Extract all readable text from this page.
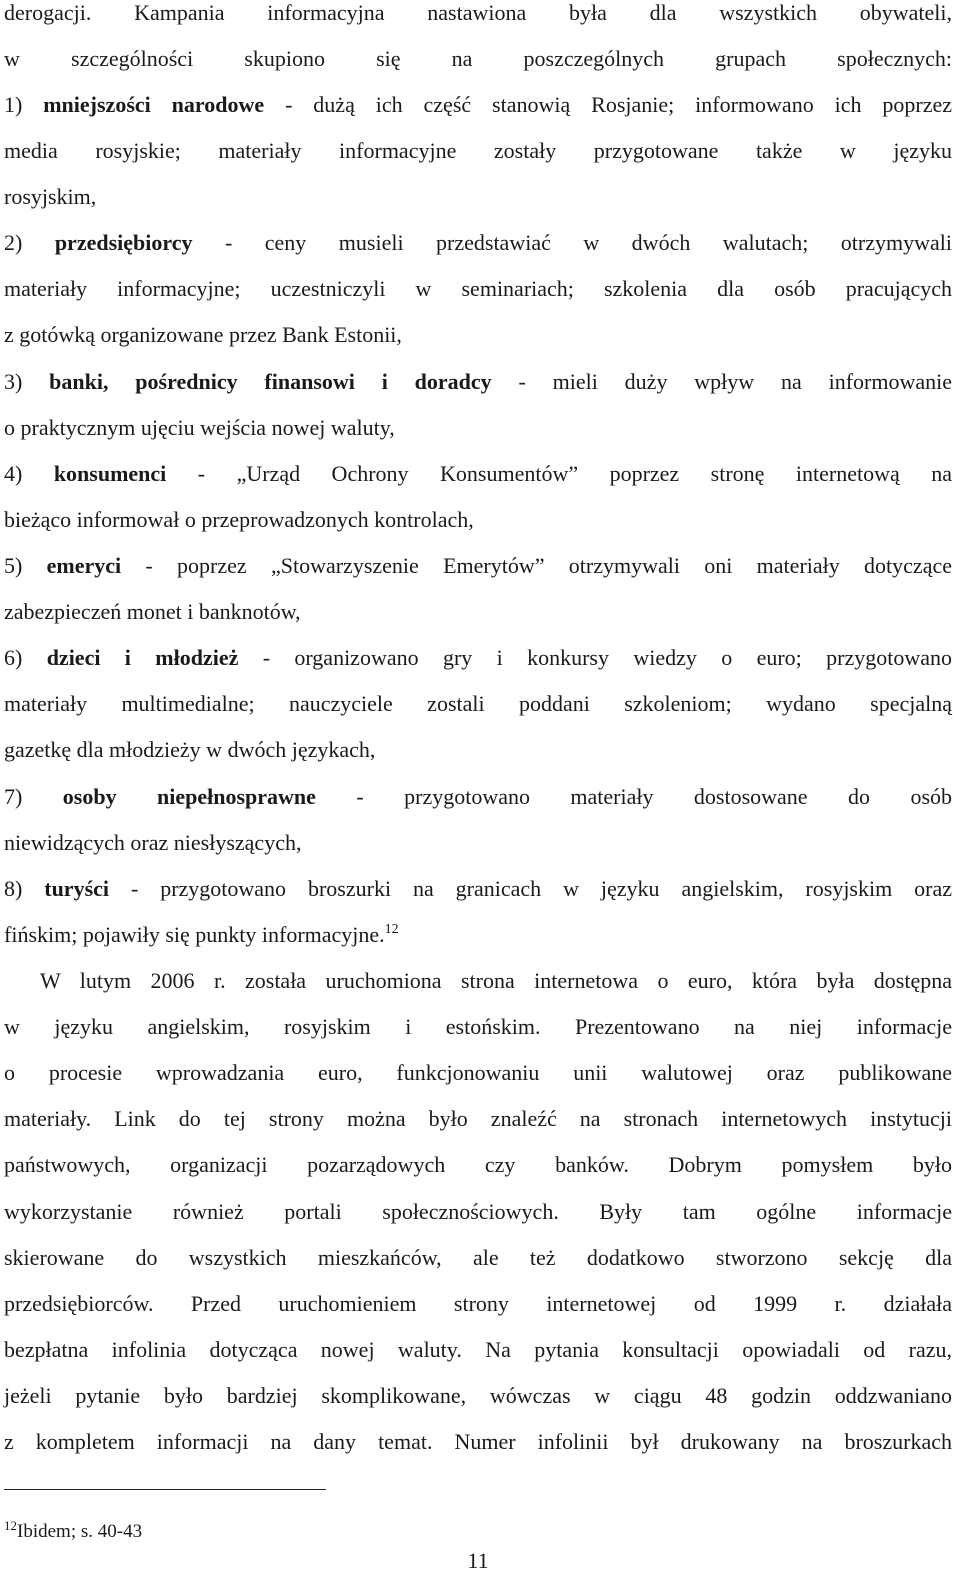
derogacji. Kampania informacyjna nastawiona była dla wszystkich obywateli,
w szczególności skupiono się na poszczególnych grupach społecznych:
1) mniejszości narodowe - dużą ich część stanowią Rosjanie; informowano ich poprzez
media rosyjskie; materiały informacyjne zostały przygotowane także w języku
rosyjskim,
2) przedsiębiorcy - ceny musieli przedstawiać w dwóch walutach; otrzymywali
materiały informacyjne; uczestniczyli w seminariach; szkolenia dla osób pracujących
z gotówką organizowane przez Bank Estonii,
3) banki, pośrednicy finansowi i doradcy - mieli duży wpływ na informowanie
o praktycznym ujęciu wejścia nowej waluty,
4) konsumenci - „Urząd Ochrony Konsumentów” poprzez stronę internetową na
bieżąco informował o przeprowadzonych kontrolach,
5) emeryci - poprzez „Stowarzyszenie Emerytów” otrzymywali oni materiały dotyczące
zabezpieczeń monet i banknotów,
6) dzieci i młodzież - organizowano gry i konkursy wiedzy o euro; przygotowano
materiały multimedialne; nauczyciele zostali poddani szkoleniom; wydano specjalną
gazetkę dla młodzieży w dwóch językach,
7) osoby niepełnosprawne - przygotowano materiały dostosowane do osób
niewidzących oraz niesłyszących,
8) turyści - przygotowano broszurki na granicach w języku angielskim, rosyjskim oraz
fińskim; pojawiły się punkty informacyjne.$^{12}$
W lutym 2006 r. została uruchomiona strona internetowa o euro, która była dostępna
w języku angielskim, rosyjskim i estońskim. Prezentowano na niej informacje
o procesie wprowadzania euro, funkcjonowaniu unii walutowej oraz publikowane
materiały. Link do tej strony można było znaleźć na stronach internetowych instytucji
państwowych, organizacji pozarządowych czy banków. Dobrym pomysłem było
wykorzystanie również portali społecznościowych. Były tam ogólne informacje
skierowane do wszystkich mieszkańców, ale też dodatkowo stworzono sekcję dla
przedsiębiorców. Przed uruchomieniem strony internetowej od 1999 r. działała
bezpłatna infolinia dotycząca nowej waluty. Na pytania konsultacji opowiadali od razu,
jeżeli pytanie było bardziej skomplikowane, wówczas w ciągu 48 godzin oddzwaniano
z kompletem informacji na dany temat. Numer infolinii był drukowany na broszurkach
$^{12}$Ibidem; s. 40-43
11
